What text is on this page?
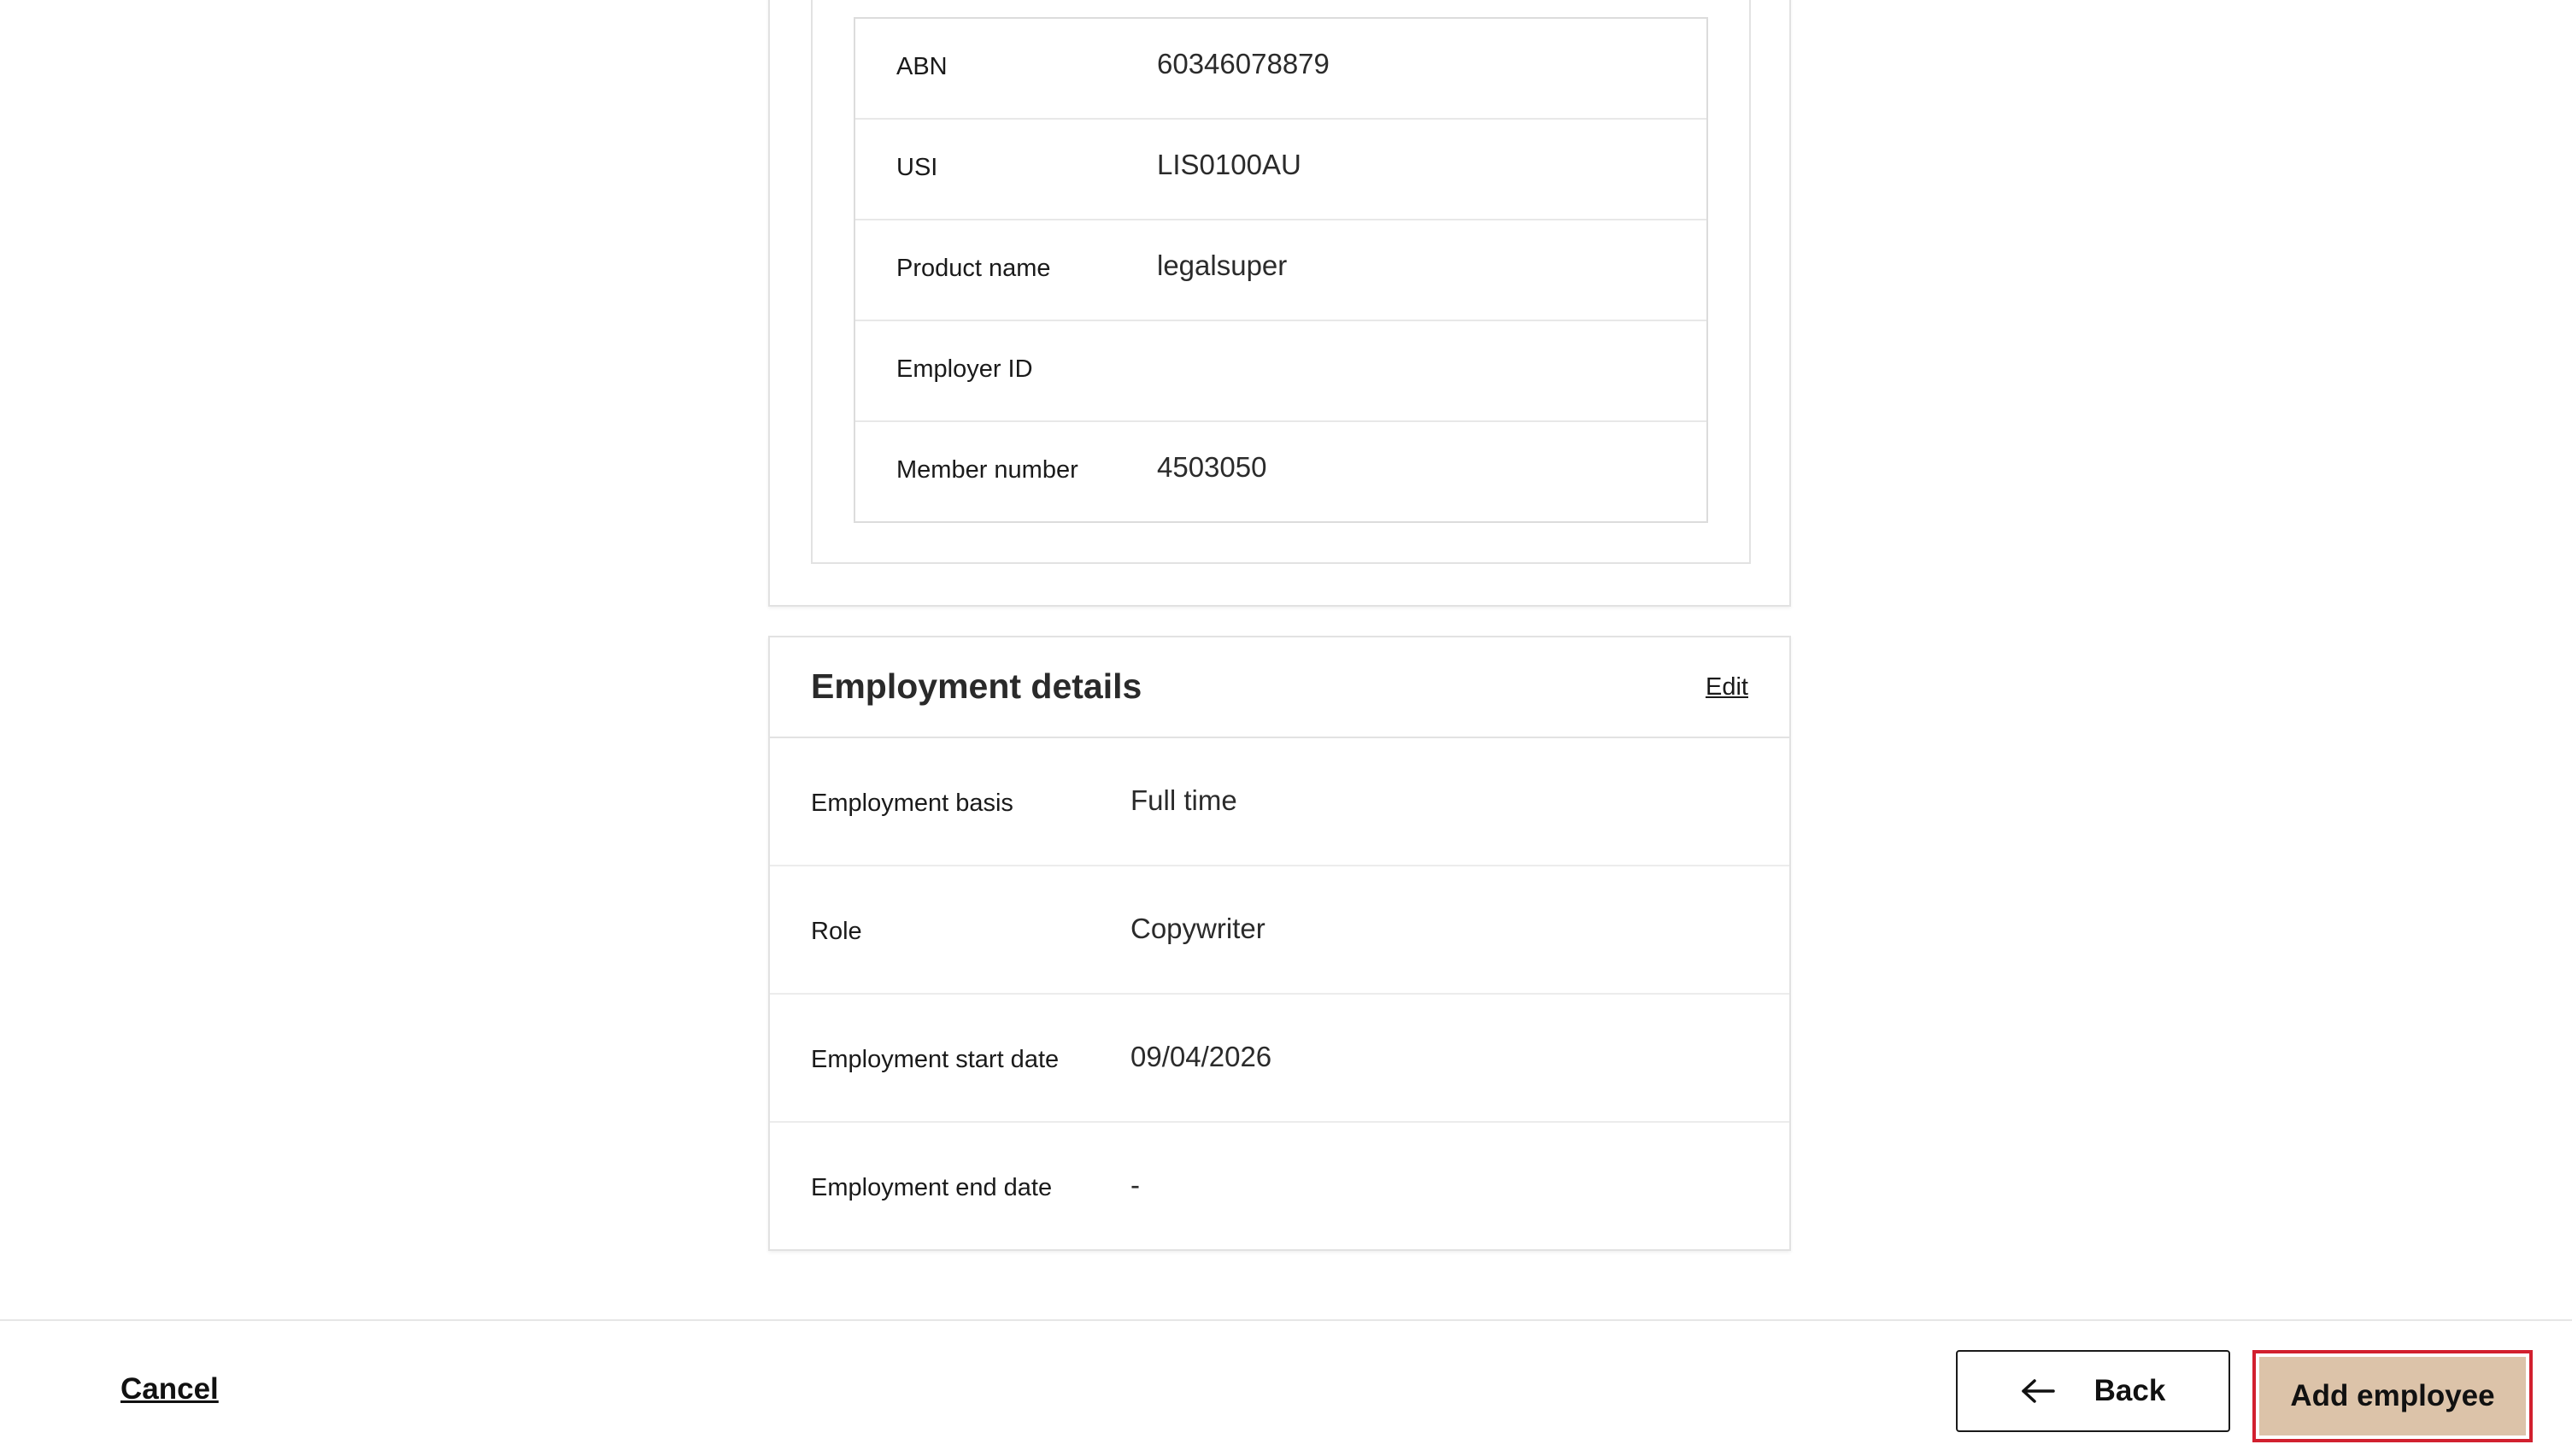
ABN	60346078879
USI	LIS0100AU
Product name	legalsuper
Employer ID
Member number	4503050
Employment details	Edit
Employment basis	Full time
Role	Copywriter
Employment start date	09/04/2026
Employment end date	-
Cancel	Back	Add employee
